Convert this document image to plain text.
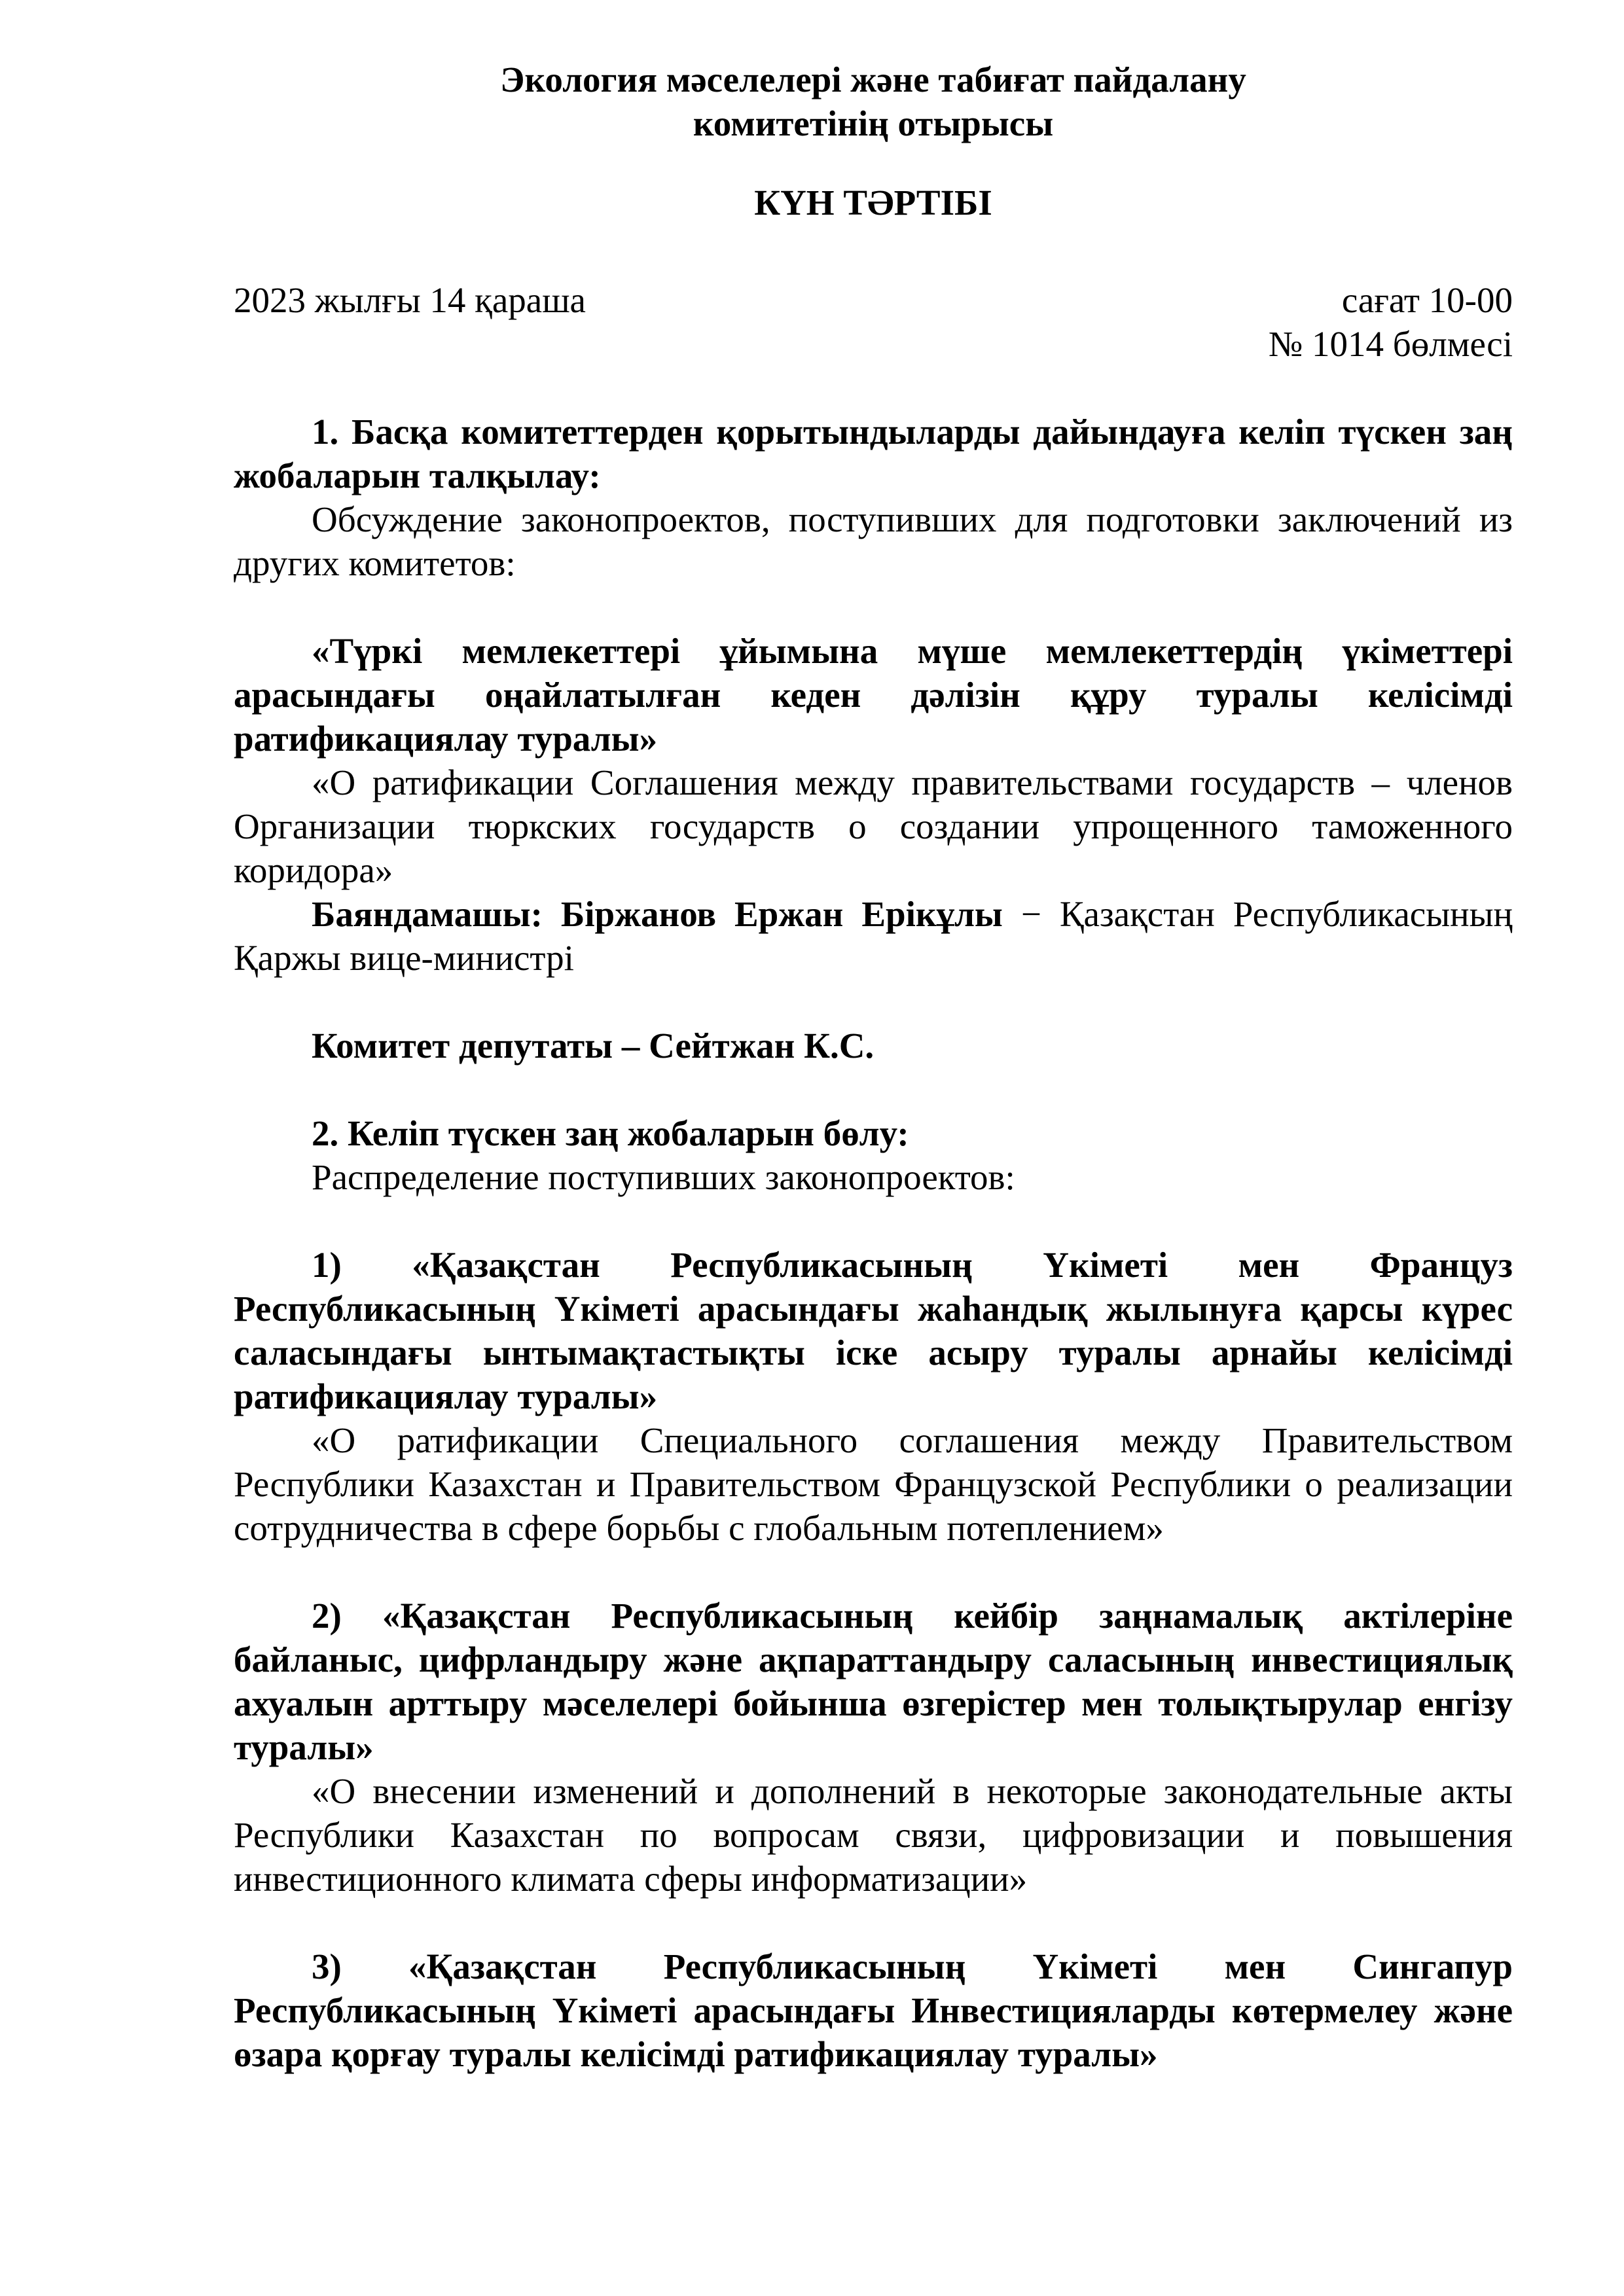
Экология мәселелері және табиғат пайдалану
комитетінің отырысы
КҮН ТӘРТІБІ
2023 жылғы 14 қараша	сағат 10-00
№ 1014 бөлмесі

1. Басқа комитеттерден қорытындыларды дайындауға келіп түскен заң жобаларын талқылау:

Обсуждение законопроектов, поступивших для подготовки заключений из других комитетов:

«Түркі мемлекеттері ұйымына мүше мемлекеттердің үкіметтері арасындағы оңайлатылған кеден дәлізін құру туралы келісімді ратификациялау туралы»

«О ратификации Соглашения между правительствами государств – членов Организации тюркских государств о создании упрощенного таможенного коридора»

Баяндамашы: Біржанов Ержан Ерікұлы − Қазақстан Республикасының Қаржы вице-министрі

Комитет депутаты – Сейтжан К.С.

2. Келіп түскен заң жобаларын бөлу:

Распределение поступивших законопроектов:

1) «Қазақстан Республикасының Үкіметі мен Француз Республикасының Үкіметі арасындағы жаһандық жылынуға қарсы күрес саласындағы ынтымақтастықты іске асыру туралы арнайы келісімді ратификациялау туралы»

«О ратификации Специального соглашения между Правительством Республики Казахстан и Правительством Французской Республики о реализации сотрудничества в сфере борьбы с глобальным потеплением»

2) «Қазақстан Республикасының кейбір заңнамалық актілеріне байланыс, цифрландыру және ақпараттандыру саласының инвестициялық ахуалын арттыру мәселелері бойынша өзгерістер мен толықтырулар енгізу туралы»

«О внесении изменений и дополнений в некоторые законодательные акты Республики Казахстан по вопросам связи, цифровизации и повышения инвестиционного климата сферы информатизации»

3) «Қазақстан Республикасының Үкіметі мен Сингапур Республикасының Үкіметі арасындағы Инвестицияларды көтермелеу және өзара қорғау туралы келісімді ратификациялау туралы»
